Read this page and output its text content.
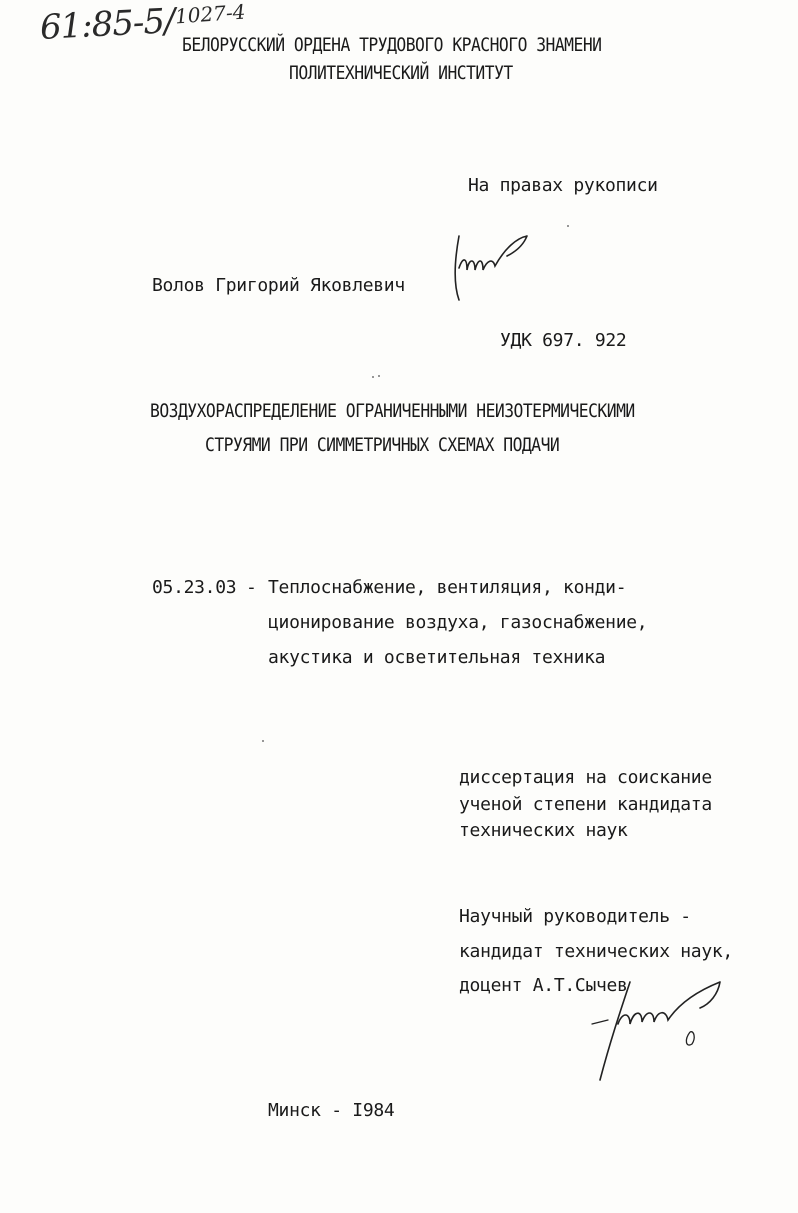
61:85-5/
1027-4
БЕЛОРУССКИЙ ОРДЕНА ТРУДОВОГО КРАСНОГО ЗНАМЕНИ
ПОЛИТЕХНИЧЕСКИЙ ИНСТИТУТ
На правах рукописи
Волов Григорий Яковлевич
УДК 697. 922
ВОЗДУХОРАСПРЕДЕЛЕНИЕ ОГРАНИЧЕННЫМИ НЕИЗОТЕРМИЧЕСКИМИ
СТРУЯМИ ПРИ СИММЕТРИЧНЫХ СХЕМАХ ПОДАЧИ
05.23.03 - Теплоснабжение, вентиляция, конди-
ционирование воздуха, газоснабжение,
акустика и осветительная техника
диссертация на соискание
ученой степени кандидата
технических наук
Научный руководитель -
кандидат технических наук,
доцент А.Т.Сычев
Минск - I984
